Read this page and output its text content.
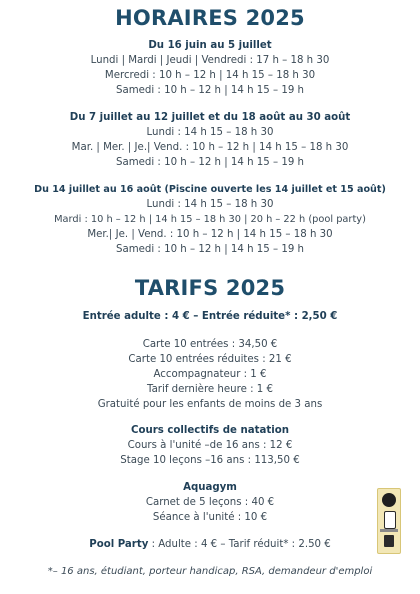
HORAIRES 2025
Du 16 juin au 5 juillet
Lundi | Mardi | Jeudi | Vendredi : 17 h – 18 h 30
Mercredi : 10 h – 12 h | 14 h 15 – 18 h 30
Samedi : 10 h – 12 h | 14 h 15 – 19 h
Du 7 juillet au 12 juillet et du 18 août au 30 août
Lundi : 14 h 15 – 18 h 30
Mar. | Mer. | Je.| Vend. : 10 h – 12 h | 14 h 15 – 18 h 30
Samedi : 10 h – 12 h | 14 h 15 – 19 h
Du 14 juillet au 16 août (Piscine ouverte les 14 juillet et 15 août)
Lundi : 14 h 15 – 18 h 30
Mardi : 10 h – 12 h | 14 h 15 – 18 h 30 | 20 h – 22 h (pool party)
Mer.| Je. | Vend. : 10 h – 12 h | 14 h 15 – 18 h 30
Samedi : 10 h – 12 h | 14 h 15 – 19 h
TARIFS 2025
Entrée adulte : 4 € – Entrée réduite* : 2,50 €
Carte 10 entrées : 34,50 €
Carte 10 entrées réduites : 21 €
Accompagnateur : 1 €
Tarif dernière heure : 1 €
Gratuité pour les enfants de moins de 3 ans
Cours collectifs de natation
Cours à l'unité –de 16 ans : 12 €
Stage 10 leçons –16 ans : 113,50 €
Aquagym
Carnet de 5 leçons : 40 €
Séance à l'unité : 10 €
Pool Party : Adulte : 4 € – Tarif réduit* : 2.50 €
*– 16 ans, étudiant, porteur handicap, RSA, demandeur d'emploi
